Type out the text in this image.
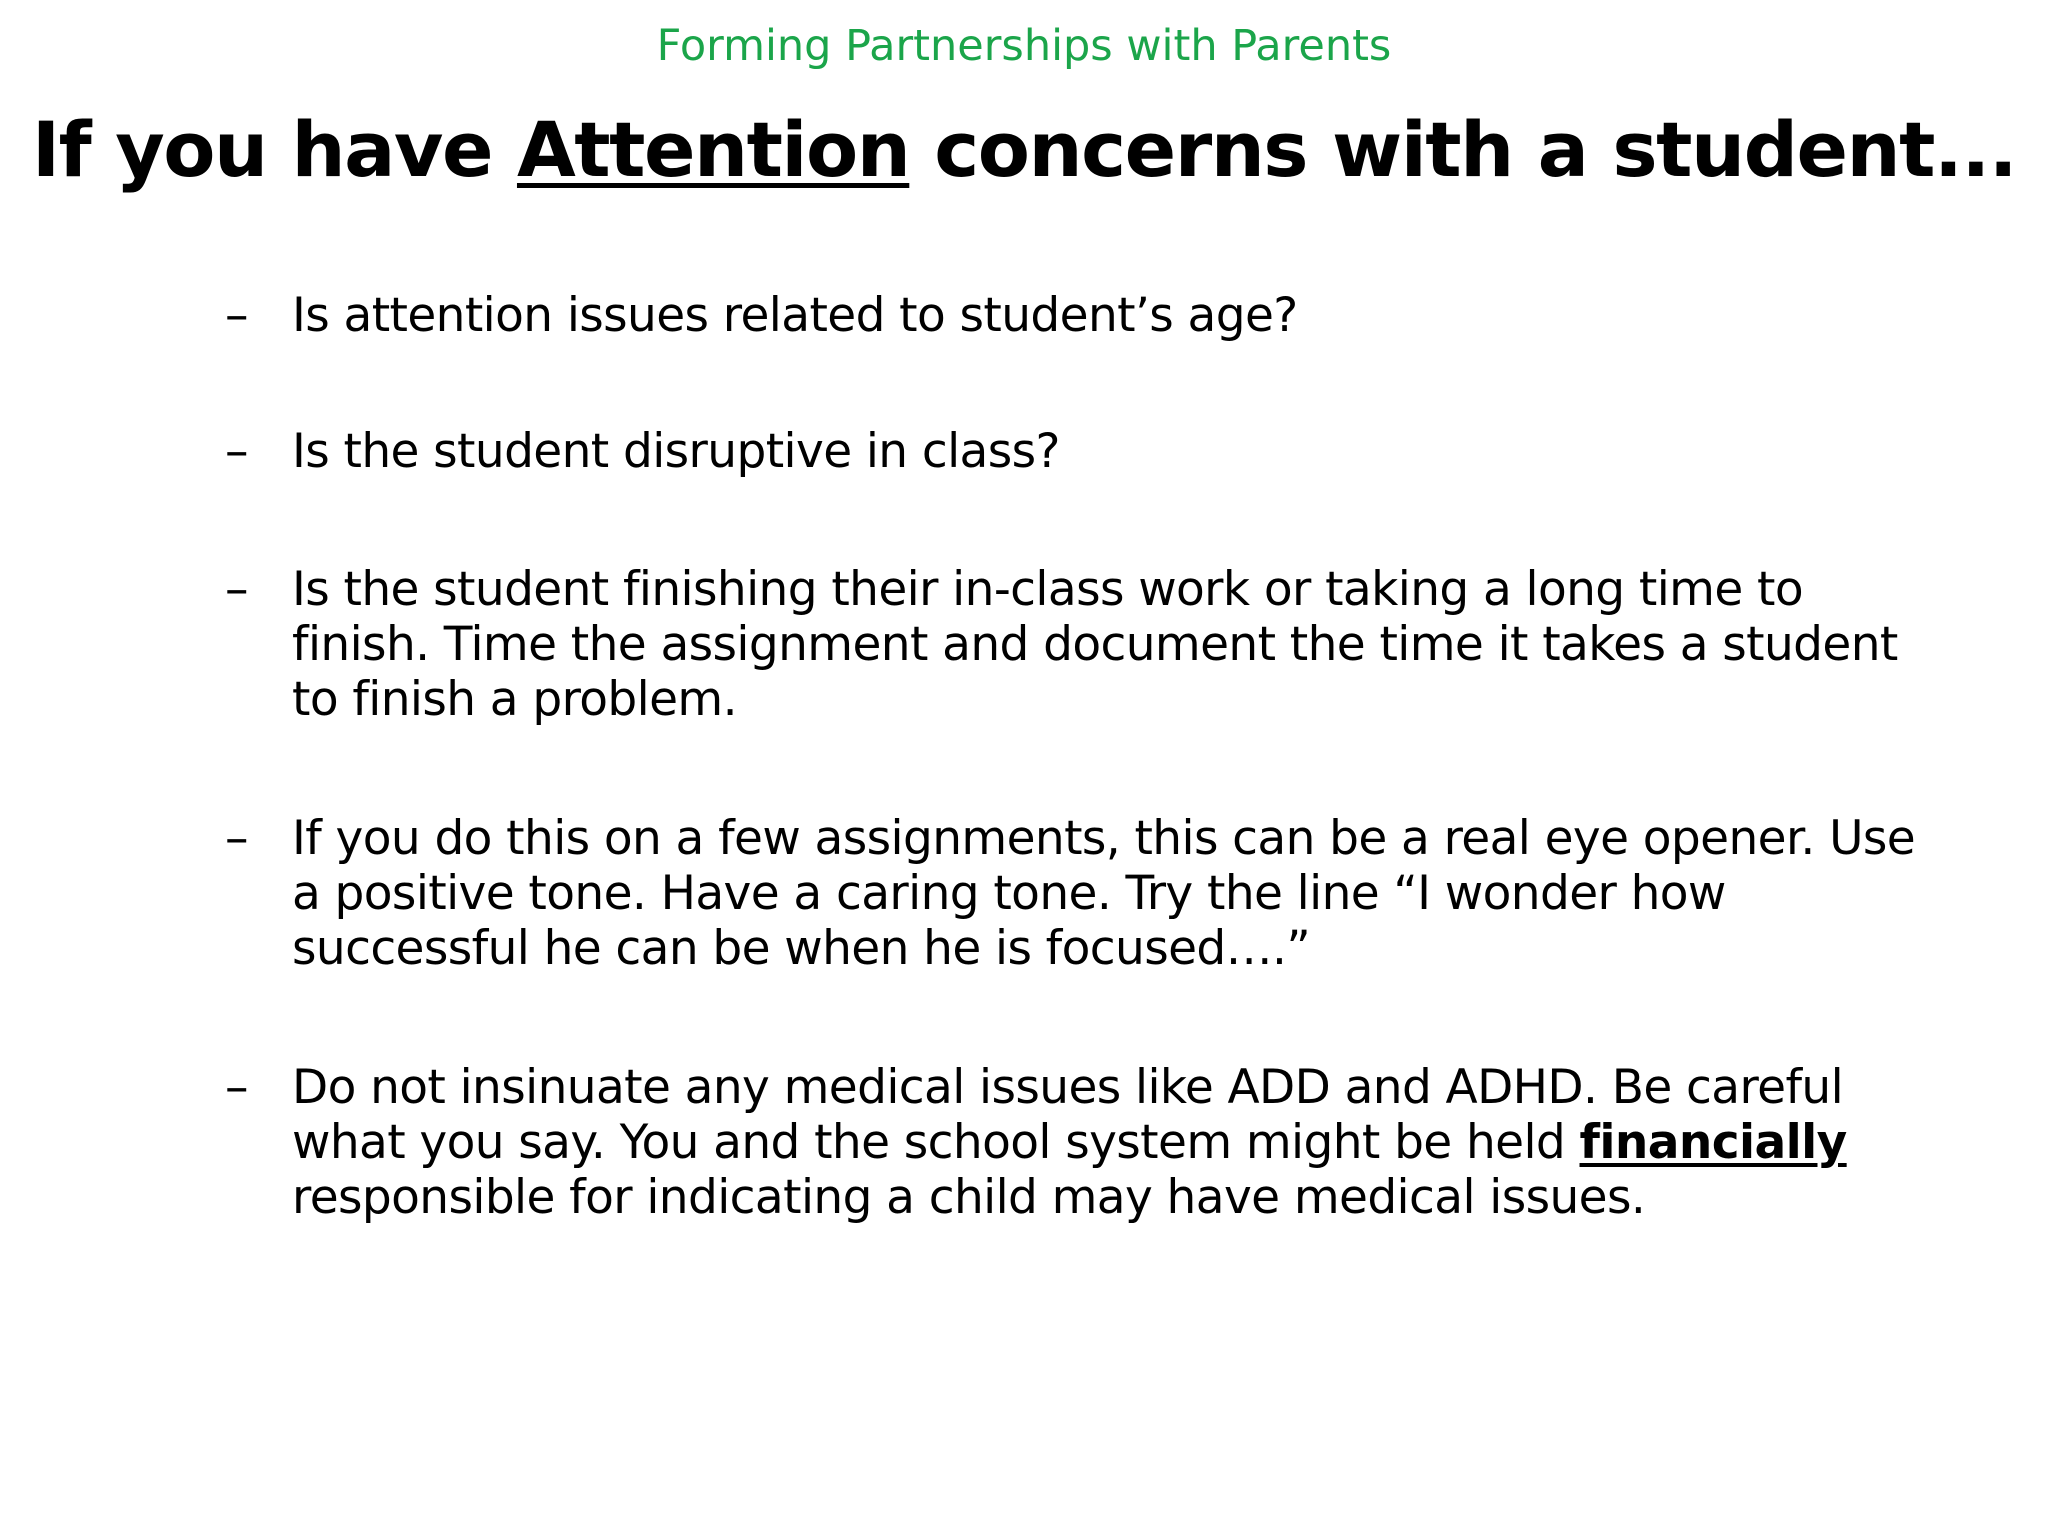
Forming Partnerships with Parents
If you have Attention concerns with a student...
– Is attention issues related to student’s age?
– Is the student disruptive in class?
– Is the student finishing their in-class work or taking a long time to finish. Time the assignment and document the time it takes a student to finish a problem.
– If you do this on a few assignments, this can be a real eye opener. Use a positive tone. Have a caring tone. Try the line “I wonder how successful he can be when he is focused….”
– Do not insinuate any medical issues like ADD and ADHD. Be careful what you say. You and the school system might be held financially responsible for indicating a child may have medical issues.
